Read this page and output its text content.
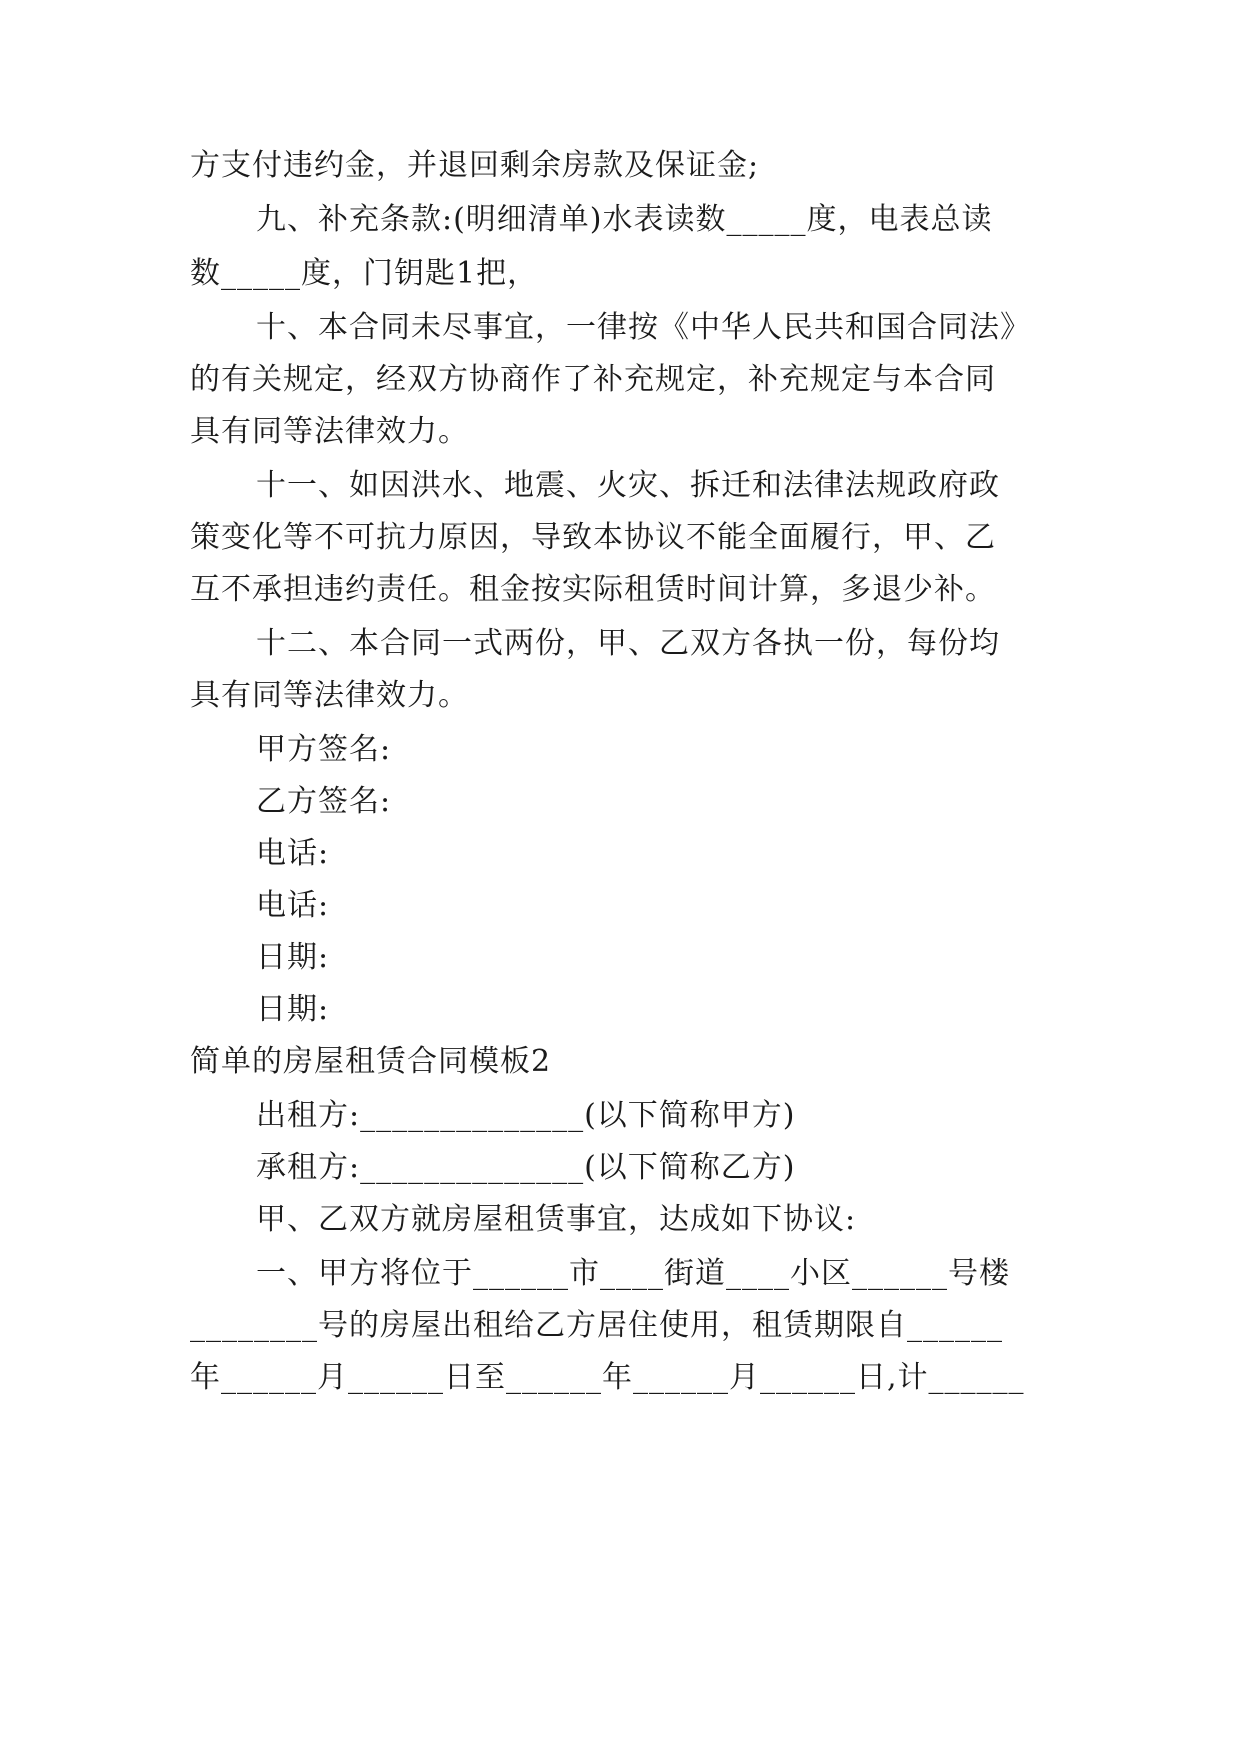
方支付违约金，并退回剩余房款及保证金;
九、补充条款:(明细清单)水表读数_____度，电表总读
数_____度，门钥匙1把，
十、本合同未尽事宜，一律按《中华人民共和国合同法》
的有关规定，经双方协商作了补充规定，补充规定与本合同
具有同等法律效力。
十一、如因洪水、地震、火灾、拆迁和法律法规政府政
策变化等不可抗力原因，导致本协议不能全面履行，甲、乙
互不承担违约责任。租金按实际租赁时间计算，多退少补。
十二、本合同一式两份，甲、乙双方各执一份，每份均
具有同等法律效力。
甲方签名:
乙方签名:
电话:
电话:
日期:
日期:
简单的房屋租赁合同模板2
出租方:______________(以下简称甲方)
承租方:______________(以下简称乙方)
甲、乙双方就房屋租赁事宜，达成如下协议:
一、甲方将位于______市____街道____小区______号楼
________号的房屋出租给乙方居住使用，租赁期限自______
年______月______日至______年______月______日,计______
